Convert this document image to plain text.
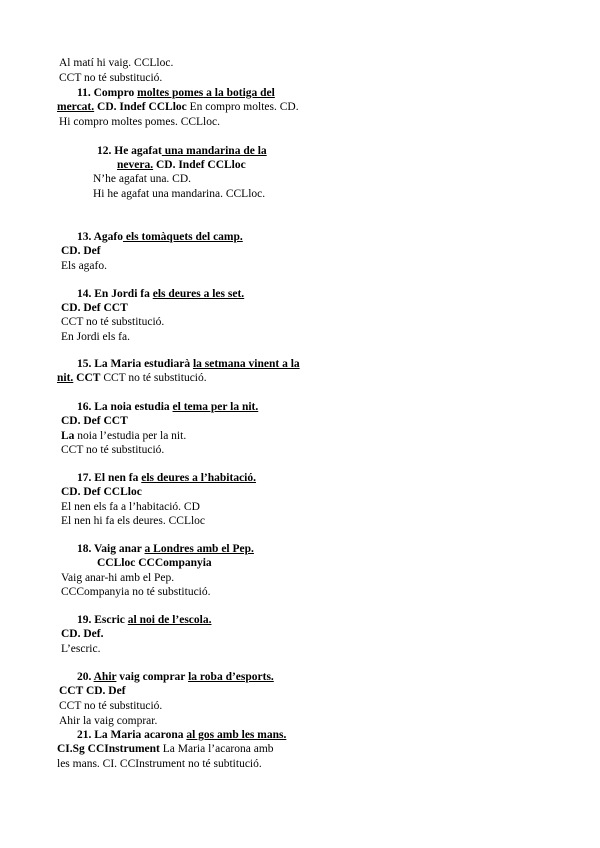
Al matí hi vaig. CCLloc.
CCT no té substitució.
11. Compro moltes pomes a la botiga del
mercat. CD. Indef CCLloc En compro moltes. CD.
Hi compro moltes pomes. CCLloc.
12. He agafat una mandarina de la
nevera. CD. Indef CCLloc
N’he agafat una. CD.
Hi he agafat una mandarina. CCLloc.
13. Agafo els tomàquets del camp.
CD. Def
Els agafo.
14. En Jordi fa els deures a les set.
CD. Def CCT
CCT no té substitució.
En Jordi els fa.
15. La Maria estudiarà la setmana vinent a la
nit. CCT CCT no té substitució.
16. La noia estudia el tema per la nit.
CD. Def CCT
La noia l’estudia per la nit.
CCT no té substitució.
17. El nen fa els deures a l’habitació.
CD. Def CCLloc
El nen els fa a l’habitació. CD
El nen hi fa els deures. CCLloc
18. Vaig anar a Londres amb el Pep.
CCLloc CCCompanyia
Vaig anar-hi amb el Pep.
CCCompanyia no té substitució.
19. Escric al noi de l’escola.
CD. Def.
L’escric.
20. Ahir vaig comprar la roba d’esports.
CCT CD. Def
CCT no té substitució.
Ahir la vaig comprar.
21. La Maria acarona al gos amb les mans.
CI.Sg CCInstrument La Maria l’acarona amb
les mans. CI. CCInstrument no té subtitució.
